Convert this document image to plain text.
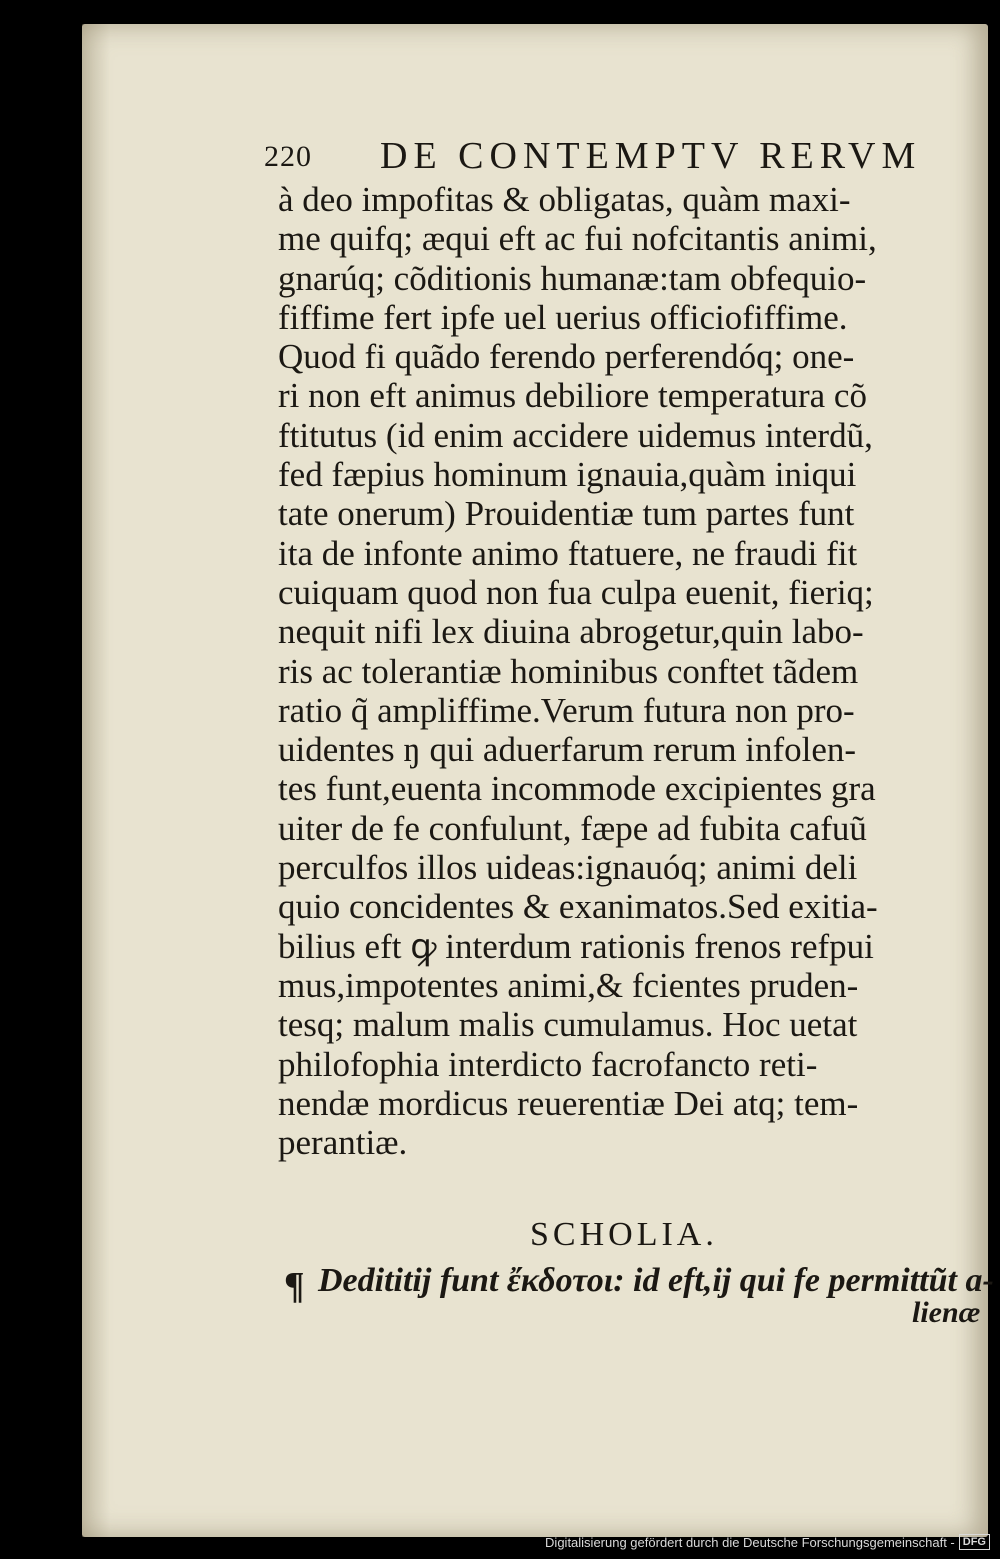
220 DE CONTEMPTV RERVM
à deo impofitas & obligatas, quàm maxi-
me quifq; æqui eft ac fui nofcitantis animi,
gnarúq; cõditionis humanæ:tam obfequio-
fiffime fert ipfe uel uerius officiofiffime.
Quod fi quãdo ferendo perferendóq; one-
ri non eft animus debiliore temperatura cõ
ftitutus (id enim accidere uidemus interdũ,
fed fæpius hominum ignauia,quàm iniqui
tate onerum) Prouidentiæ tum partes funt
ita de infonte animo ftatuere, ne fraudi fit
cuiquam quod non fua culpa euenit, fieriq;
nequit nifi lex diuina abrogetur,quin labo-
ris ac tolerantiæ hominibus conftet tãdem
ratio q̃ ampliffime.Verum futura non pro-
uidentes ŋ qui aduerfarum rerum infolen-
tes funt,euenta incommode excipientes gra
uiter de fe confulunt, fæpe ad fubita cafuũ
perculfos illos uideas:ignauóq; animi deli
quio concidentes & exanimatos.Sed exitia-
bilius eft ꝙ interdum rationis frenos refpui
mus,impotentes animi,& fcientes pruden-
tesq; malum malis cumulamus. Hoc uetat
philofophia interdicto facrofancto reti-
nendæ mordicus reuerentiæ Dei atq; tem-
perantiæ.
SCHOLIA.
¶ Dedititij funt ἔκδοτοι: id eft,ij qui fe permittũt a-
lienæ
Digitalisierung gefördert durch die Deutsche Forschungsgemeinschaft - DFG
